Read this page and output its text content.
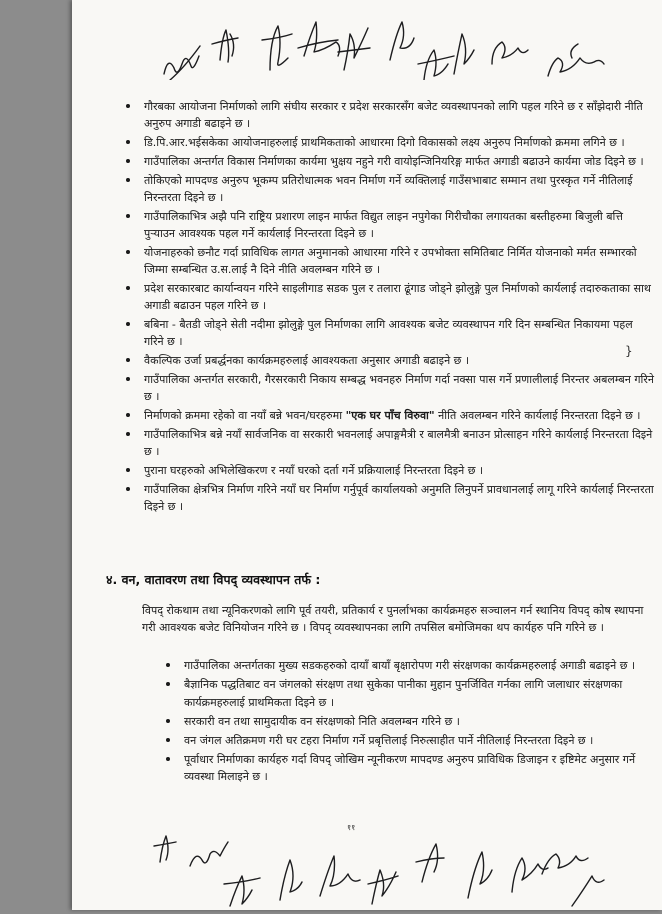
गौरबका आयोजना निर्माणको लागि संघीय सरकार र प्रदेश सरकारसँग बजेट व्यवस्थापनको लागि पहल गरिने छ र साँझेदारी नीति अनुरुप अगाडी बढाइने छ ।
डि.पि.आर.भईसकेका आयोजनाहरुलाई प्राथमिकताको आधारमा दिगो विकासको लक्ष्य अनुरुप निर्माणको क्रममा लगिने छ ।
गाउँपालिका अन्तर्गत विकास निर्माणका कार्यमा भुक्षय नहुने गरी वायोइन्जिनियरिङ्ग मार्फत अगाडी बढाउने कार्यमा जोड दिइने छ ।
तोकिएको मापदण्ड अनुरुप भूकम्प प्रतिरोधात्मक भवन निर्माण गर्ने व्यक्तिलाई गाउँसभाबाट सम्मान तथा पुरस्कृत गर्ने नीतिलाई निरन्तरता दिइने छ ।
गाउँपालिकाभित्र अझै पनि राष्ट्रिय प्रशारण लाइन मार्फत विद्युत लाइन नपुगेका गिरीचौका लगायतका बस्तीहरुमा बिजुली बत्ति पुर्‍याउन आवश्यक पहल गर्ने कार्यलाई निरन्तरता दिइने छ ।
योजनाहरुको छनौट गर्दा प्राविधिक लागत अनुमानको आधारमा गरिने र उपभोक्ता समितिबाट निर्मित योजनाको मर्मत सम्भारको जिम्मा सम्बन्धित उ.स.लाई नै दिने नीति अवलम्बन गरिने छ ।
प्रदेश सरकारबाट कार्यान्वयन गरिने साइलीगाड सडक पुल र तलारा ढूंगाड जोड्ने झोलुङ्गे पुल निर्माणको कार्यलाई तदारुकताका साथ अगाडी बढाउन पहल गरिने छ ।
बबिना - बैतडी जोड्ने सेती नदीमा झोलुङ्गे पुल निर्माणका लागि आवश्यक बजेट व्यवस्थापन गरि दिन सम्बन्धित निकायमा पहल गरिने छ ।
वैकल्पिक उर्जा प्रबर्द्धनका कार्यक्रमहरुलाई आवश्यकता अनुसार अगाडी बढाइने छ ।
गाउँपालिका अन्तर्गत सरकारी, गैरसरकारी निकाय सम्बद्ध भवनहरु निर्माण गर्दा नक्सा पास गर्ने प्रणालीलाई निरन्तर अबलम्बन गरिने छ ।
निर्माणको क्रममा रहेको वा नयाँ बन्ने भवन/घरहरुमा "एक घर पाँच विरुवा" नीति अवलम्बन गरिने कार्यलाई निरन्तरता दिइने छ ।
गाउँपालिकाभित्र बन्ने नयाँ सार्वजनिक वा सरकारी भवनलाई अपाङ्गमैत्री र बालमैत्री बनाउन प्रोत्साहन गरिने कार्यलाई निरन्तरता दिइने छ ।
पुराना घरहरुको अभिलेखिकरण र नयाँ घरको दर्ता गर्ने प्रक्रियालाई निरन्तरता दिइने छ ।
गाउँपालिका क्षेत्रभित्र निर्माण गरिने नयाँ घर निर्माण गर्नुपूर्व कार्यालयको अनुमति लिनुपर्ने प्रावधानलाई लागू गरिने कार्यलाई निरन्तरता दिइने छ ।

}

४. वन, वातावरण तथा विपद् व्यवस्थापन तर्फ :

विपद् रोकथाम तथा न्यूनिकरणको लागि पूर्व तयरी, प्रतिकार्य र पुनर्लाभका कार्यक्रमहरु सञ्चालन गर्न स्थानिय विपद् कोष स्थापना गरी आवश्यक बजेट विनियोजन गरिने छ । विपद् व्यवस्थापनका लागि तपसिल बमोजिमका थप कार्यहरु पनि गरिने छ ।

गाउँपालिका अन्तर्गतका मुख्य सडकहरुको दायाँ बायाँ बृक्षारोपण गरी संरक्षणका कार्यक्रमहरुलाई अगाडी बढाइने छ ।
बैज्ञानिक पद्धतिबाट वन जंगलको संरक्षण तथा सुकेका पानीका मुहान पुनर्जिवित गर्नका लागि जलाधार संरक्षणका कार्यक्रमहरुलाई प्राथमिकता दिइने छ ।
सरकारी वन तथा सामुदायीक वन संरक्षणको निति अवलम्बन गरिने छ ।
वन जंगल अतिक्रमण गरी घर टहरा निर्माण गर्ने प्रबृत्तिलाई निरुत्साहीत पार्ने नीतिलाई निरन्तरता दिइने छ ।
पूर्वाधार निर्माणका कार्यहरु गर्दा विपद् जोखिम न्यूनीकरण मापदण्ड अनुरुप प्राविधिक डिजाइन र इष्टिमेट अनुसार गर्ने व्यवस्था मिलाइने छ ।

११
